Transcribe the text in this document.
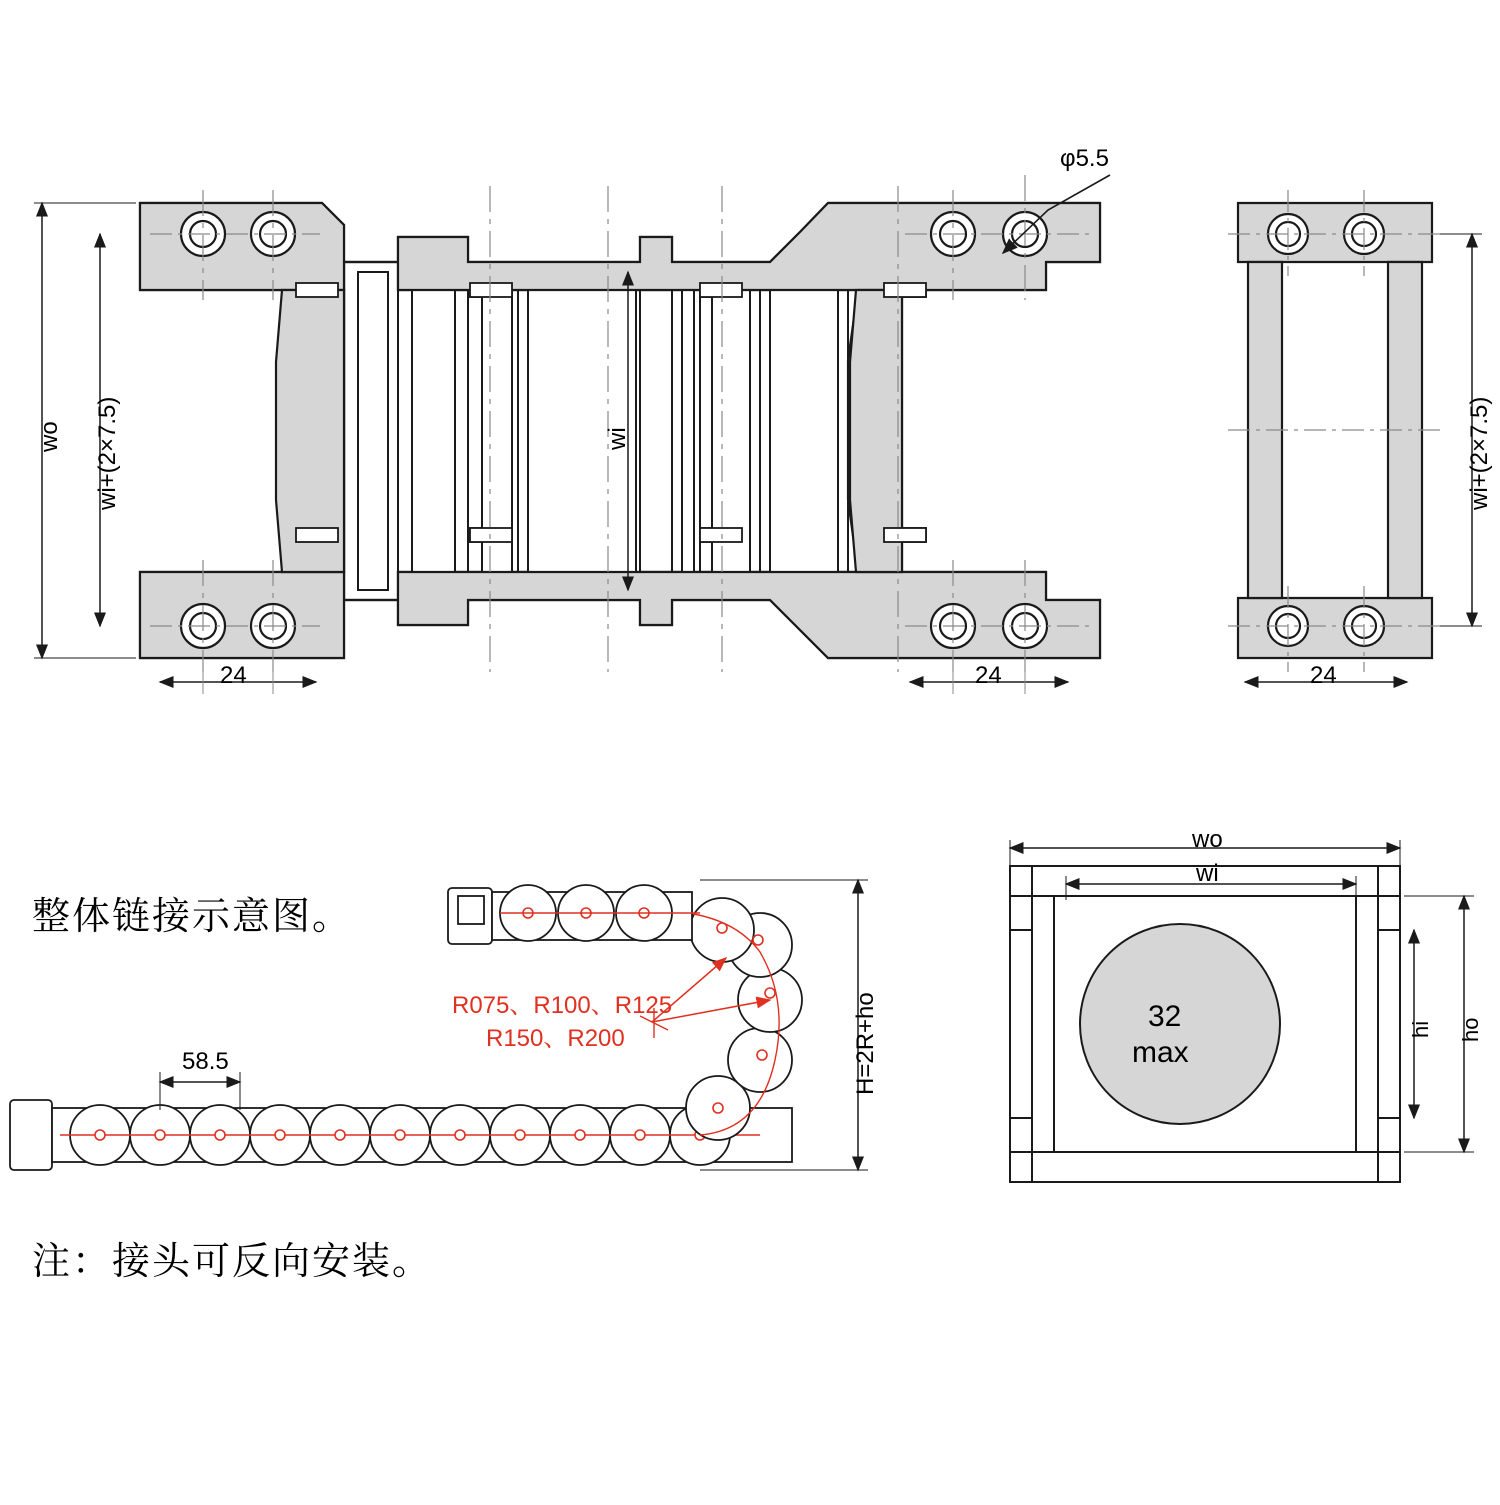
φ5.5
wo wi+(2×7.5)	wi
24	24
wi+(2×7.5)
24
整体链接示意图。
注：接头可反向安装。
R075、R100、R125
R150、R200
58.5	H=2R+ho
wo
wi
hi ho
32
max
